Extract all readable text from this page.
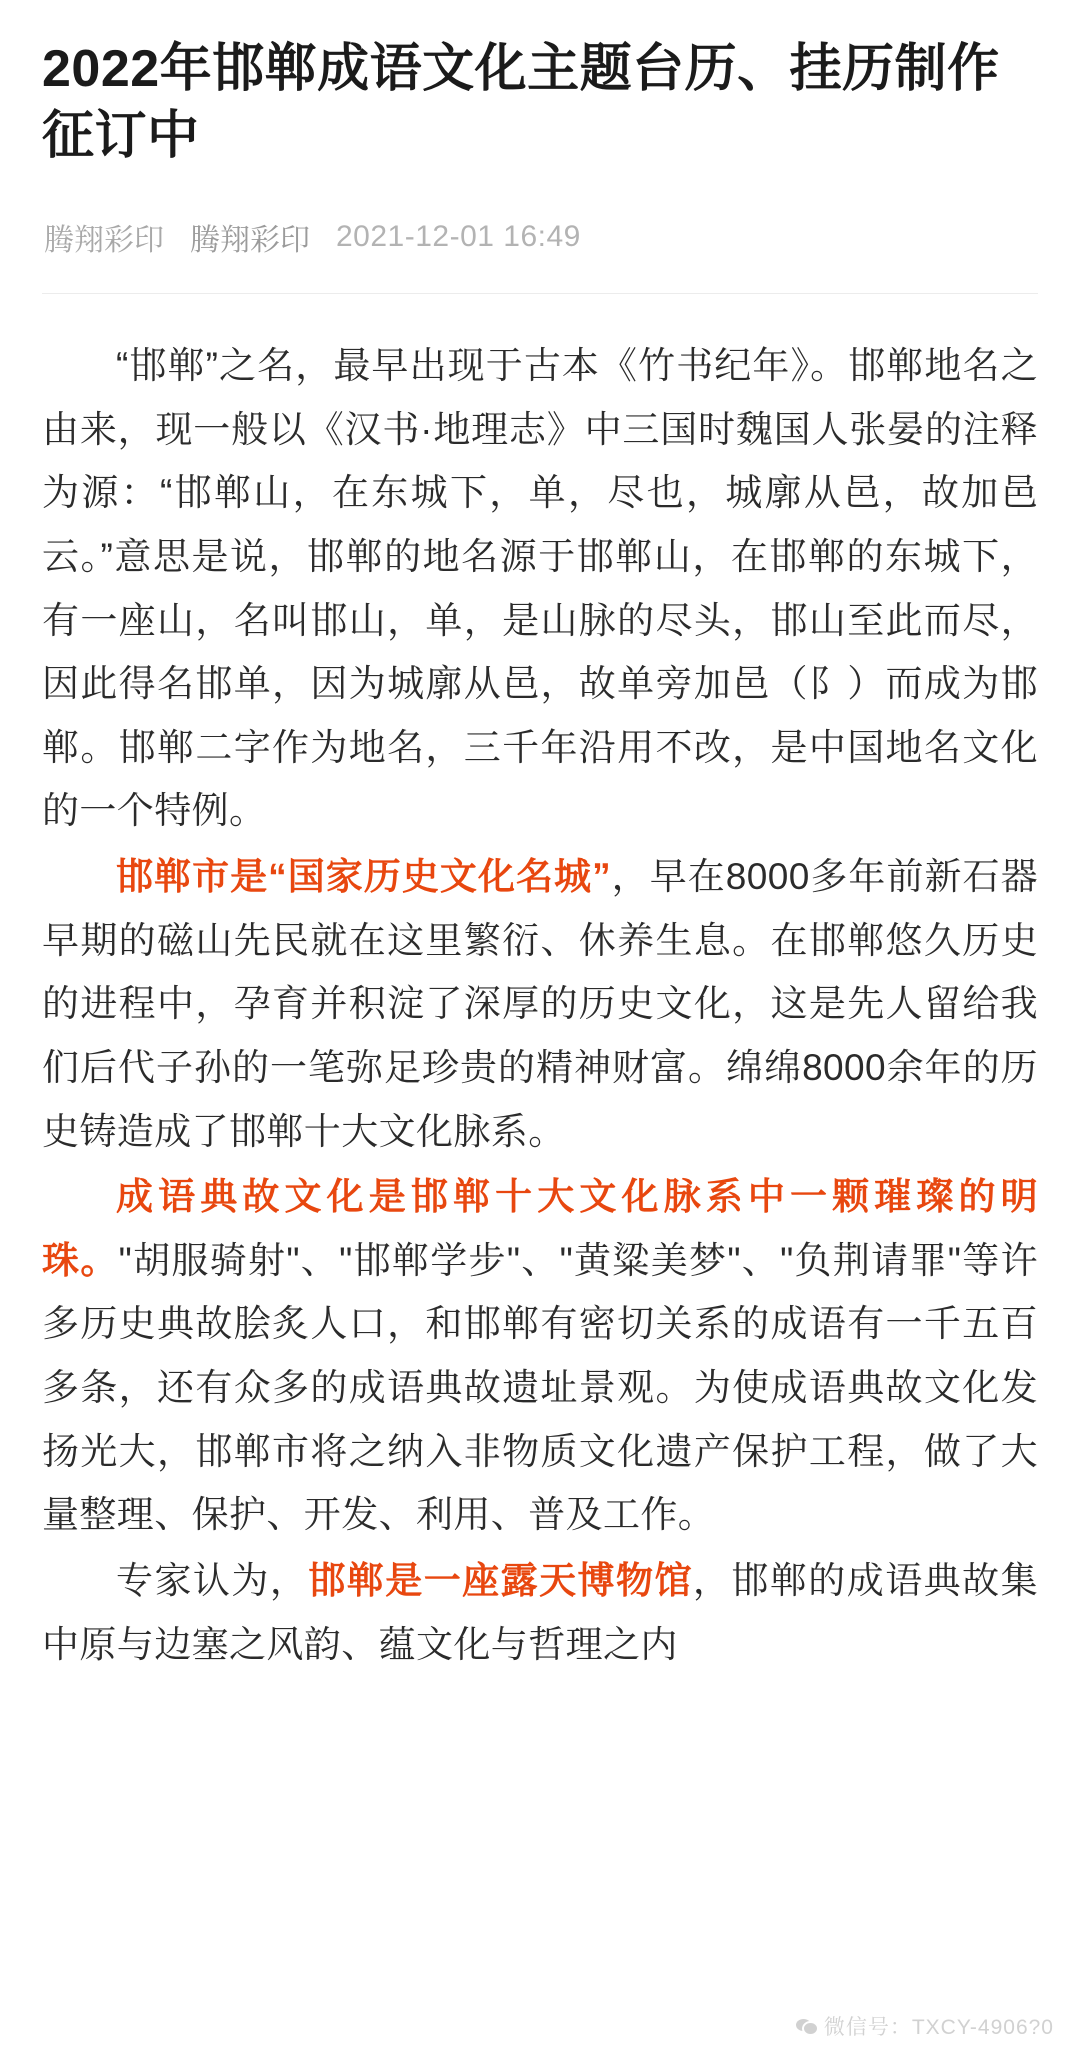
2022年邯郸成语文化主题台历、挂历制作征订中
腾翔彩印 腾翔彩印 2021-12-01 16:49

“邯郸”之名，最早出现于古本《竹书纪年》。邯郸地名之由来，现一般以《汉书·地理志》中三国时魏国人张晏的注释为源：“邯郸山，在东城下，单，尽也，城廓从邑，故加邑云。”意思是说，邯郸的地名源于邯郸山，在邯郸的东城下，有一座山，名叫邯山，单，是山脉的尽头，邯山至此而尽，因此得名邯单，因为城廓从邑，故单旁加邑（阝）而成为邯郸。邯郸二字作为地名，三千年沿用不改，是中国地名文化的一个特例。

邯郸市是“国家历史文化名城”，早在8000多年前新石器早期的磁山先民就在这里繁衍、休养生息。在邯郸悠久历史的进程中，孕育并积淀了深厚的历史文化，这是先人留给我们后代子孙的一笔弥足珍贵的精神财富。绵绵8000余年的历史铸造成了邯郸十大文化脉系。

成语典故文化是邯郸十大文化脉系中一颗璀璨的明珠。"胡服骑射"、"邯郸学步"、"黄粱美梦"、"负荆请罪"等许多历史典故脍炙人口，和邯郸有密切关系的成语有一千五百多条，还有众多的成语典故遗址景观。为使成语典故文化发扬光大，邯郸市将之纳入非物质文化遗产保护工程，做了大量整理、保护、开发、利用、普及工作。

专家认为，邯郸是一座露天博物馆，邯郸的成语典故集中原与边塞之风韵、蕴文化与哲理之内

微信号：TXCY-4906?0
